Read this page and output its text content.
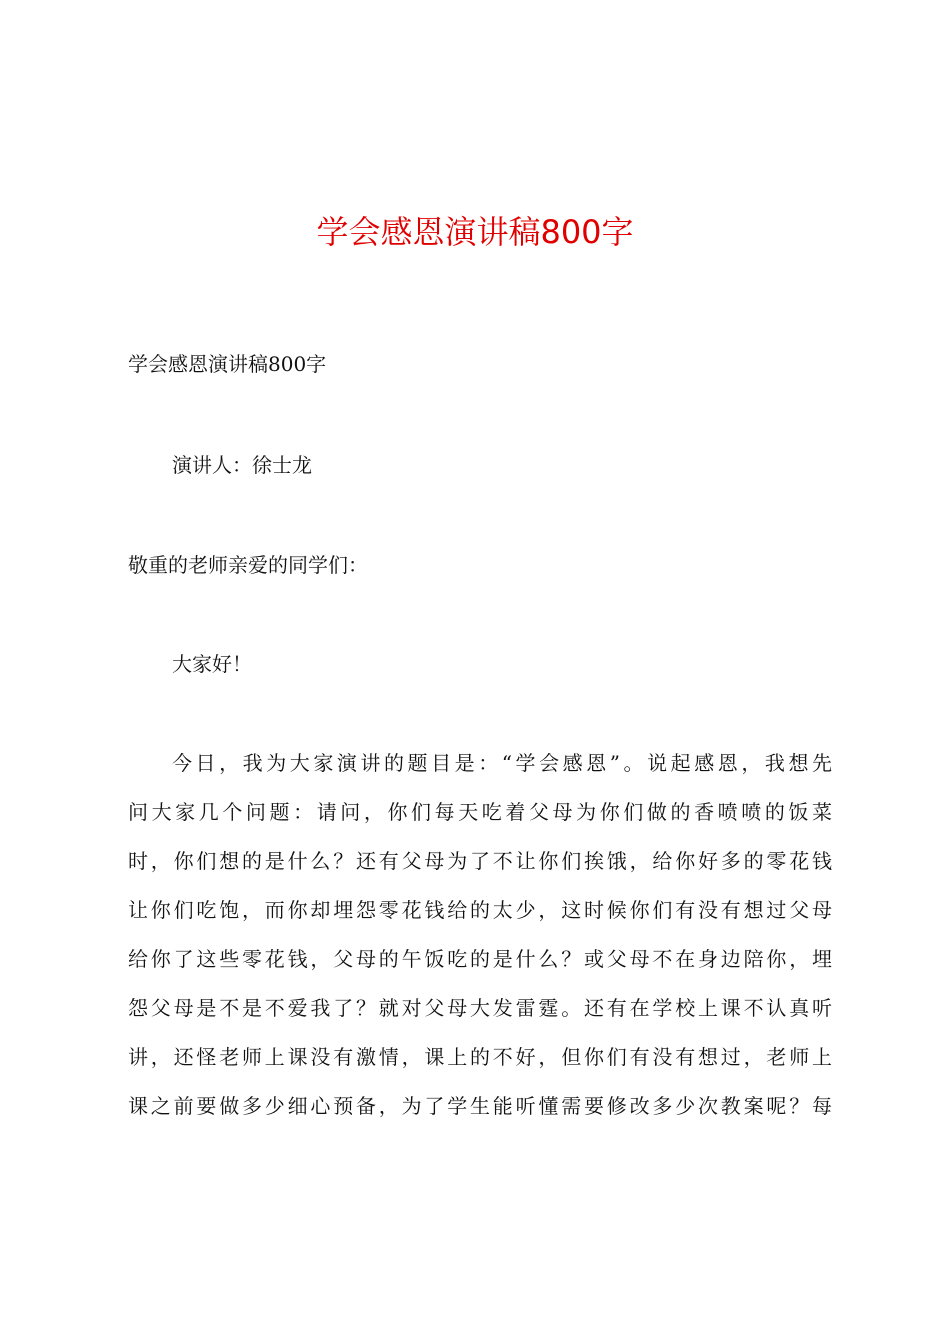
学会感恩演讲稿800字
学会感恩演讲稿800字
演讲人：徐士龙
敬重的老师亲爱的同学们：
大家好！
今日，我为大家演讲的题目是：“学会感恩”。说起感恩，我想先
问大家几个问题：请问，你们每天吃着父母为你们做的香喷喷的饭菜
时，你们想的是什么？还有父母为了不让你们挨饿，给你好多的零花钱
让你们吃饱，而你却埋怨零花钱给的太少，这时候你们有没有想过父母
给你了这些零花钱，父母的午饭吃的是什么？或父母不在身边陪你，埋
怨父母是不是不爱我了？就对父母大发雷霆。还有在学校上课不认真听
讲，还怪老师上课没有激情，课上的不好，但你们有没有想过，老师上
课之前要做多少细心预备，为了学生能听懂需要修改多少次教案呢？每
